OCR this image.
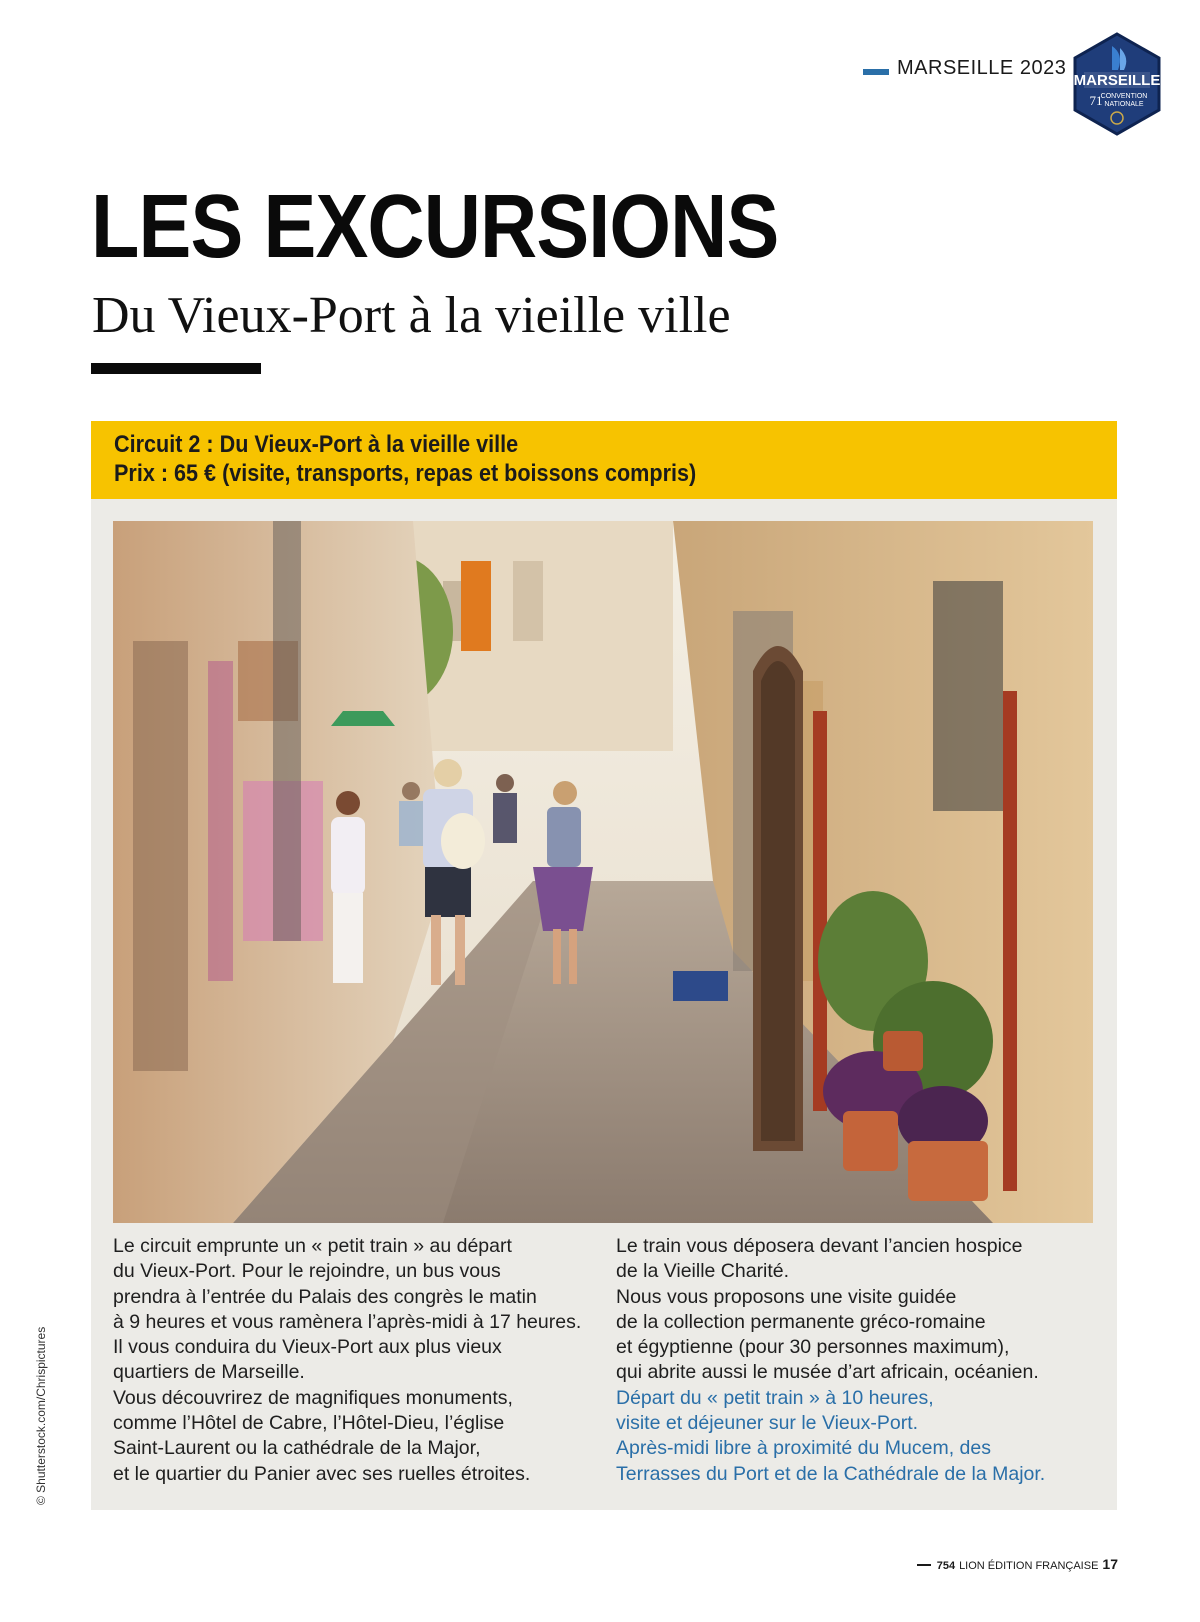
MARSEILLE 2023
MARSEILLE
71
CONVENTION
NATIONALE
LES EXCURSIONS
Du Vieux-Port à la vieille ville
Circuit 2 : Du Vieux-Port à la vieille ville
Prix : 65 € (visite, transports, repas et boissons compris)

Le circuit emprunte un « petit train » au départ

du Vieux-Port. Pour le rejoindre, un bus vous

prendra à l’entrée du Palais des congrès le matin

à 9 heures et vous ramènera l’après-midi à 17 heures.

Il vous conduira du Vieux-Port aux plus vieux

quartiers de Marseille.

Vous découvrirez de magnifiques monuments,

comme l’Hôtel de Cabre, l’Hôtel-Dieu, l’église

Saint-Laurent ou la cathédrale de la Major,

et le quartier du Panier avec ses ruelles étroites.

Le train vous déposera devant l’ancien hospice

de la Vieille Charité.

Nous vous proposons une visite guidée

de la collection permanente gréco-romaine

et égyptienne (pour 30 personnes maximum),

qui abrite aussi le musée d’art africain, océanien.

Départ du « petit train » à 10 heures,

visite et déjeuner sur le Vieux-Port.

Après-midi libre à proximité du Mucem, des

Terrasses du Port et de la Cathédrale de la Major.

© Shutterstock.com/Chrispictures
754 LION ÉDITION FRANÇAISE 17
